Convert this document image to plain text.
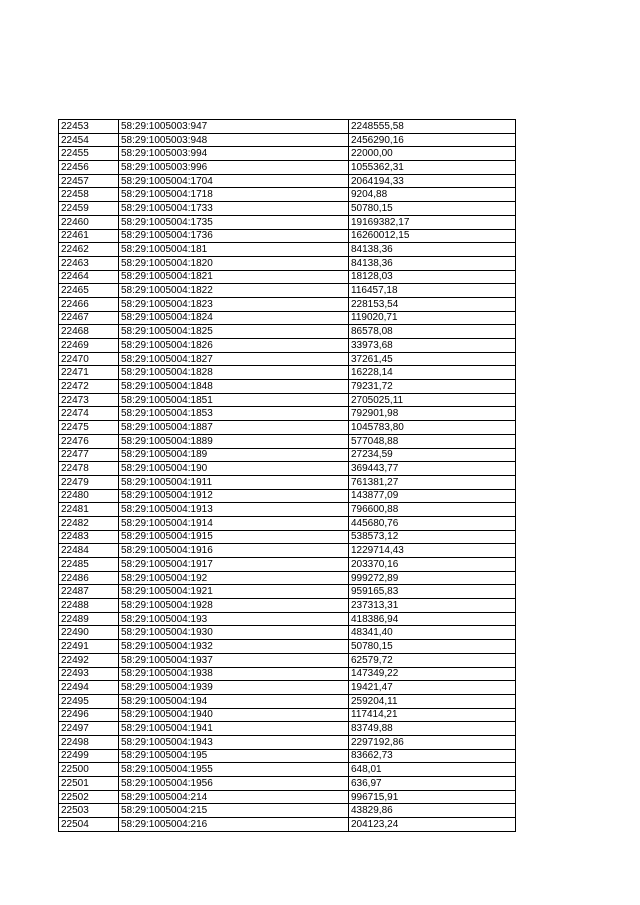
22453	58:29:1005003:947	2248555,58
22454	58:29:1005003:948	2456290,16
22455	58:29:1005003:994	22000,00
22456	58:29:1005003:996	1055362,31
22457	58:29:1005004:1704	2064194,33
22458	58:29:1005004:1718	9204,88
22459	58:29:1005004:1733	50780,15
22460	58:29:1005004:1735	19169382,17
22461	58:29:1005004:1736	16260012,15
22462	58:29:1005004:181	84138,36
22463	58:29:1005004:1820	84138,36
22464	58:29:1005004:1821	18128,03
22465	58:29:1005004:1822	116457,18
22466	58:29:1005004:1823	228153,54
22467	58:29:1005004:1824	119020,71
22468	58:29:1005004:1825	86578,08
22469	58:29:1005004:1826	33973,68
22470	58:29:1005004:1827	37261,45
22471	58:29:1005004:1828	16228,14
22472	58:29:1005004:1848	79231,72
22473	58:29:1005004:1851	2705025,11
22474	58:29:1005004:1853	792901,98
22475	58:29:1005004:1887	1045783,80
22476	58:29:1005004:1889	577048,88
22477	58:29:1005004:189	27234,59
22478	58:29:1005004:190	369443,77
22479	58:29:1005004:1911	761381,27
22480	58:29:1005004:1912	143877,09
22481	58:29:1005004:1913	796600,88
22482	58:29:1005004:1914	445680,76
22483	58:29:1005004:1915	538573,12
22484	58:29:1005004:1916	1229714,43
22485	58:29:1005004:1917	203370,16
22486	58:29:1005004:192	999272,89
22487	58:29:1005004:1921	959165,83
22488	58:29:1005004:1928	237313,31
22489	58:29:1005004:193	418386,94
22490	58:29:1005004:1930	48341,40
22491	58:29:1005004:1932	50780,15
22492	58:29:1005004:1937	62579,72
22493	58:29:1005004:1938	147349,22
22494	58:29:1005004:1939	19421,47
22495	58:29:1005004:194	259204,11
22496	58:29:1005004:1940	117414,21
22497	58:29:1005004:1941	83749,88
22498	58:29:1005004:1943	2297192,86
22499	58:29:1005004:195	83662,73
22500	58:29:1005004:1955	648,01
22501	58:29:1005004:1956	636,97
22502	58:29:1005004:214	996715,91
22503	58:29:1005004:215	43829,86
22504	58:29:1005004:216	204123,24
